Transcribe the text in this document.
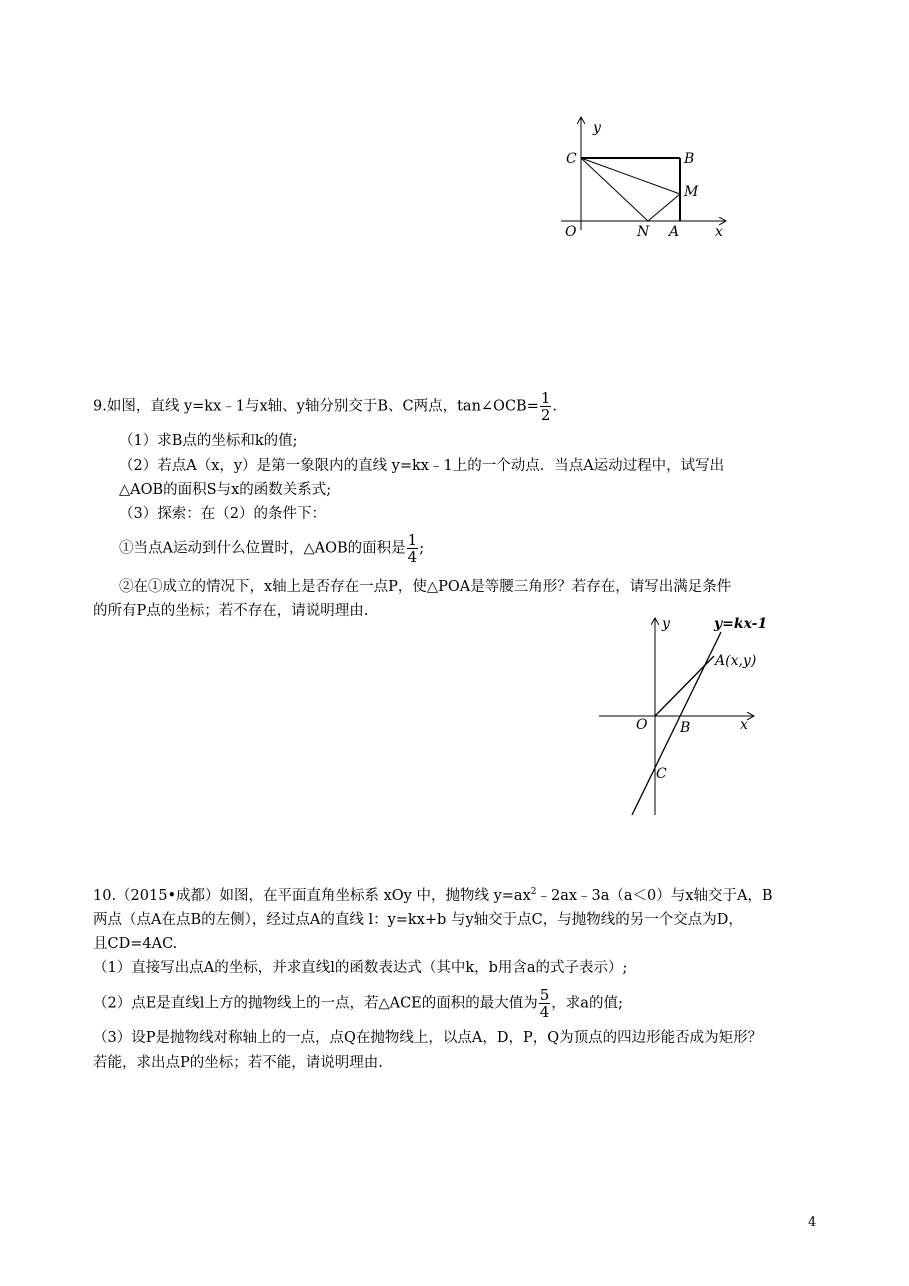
y
C	B
M
O	N A	x
9.如图，直线 y=kx﹣1与x轴、y轴分别交于B、C两点，tan∠OCB= $\frac{1}{2}$ .
（1）求B点的坐标和k的值;
（2）若点A（x，y）是第一象限内的直线 y=kx﹣1上的一个动点．当点A运动过程中，试写出
△AOB的面积S与x的函数关系式;
（3）探索：在（2）的条件下：
①当点A运动到什么位置时，△AOB的面积是 $\frac{1}{4}$ ;
②在①成立的情况下，x轴上是否存在一点P，使△POA是等腰三角形？若存在，请写出满足条件
的所有P点的坐标；若不存在，请说明理由.
y	y=kx-1
A(x,y)
O B	x
C
10.（2015•成都）如图，在平面直角坐标系 xOy 中，抛物线 $y=ax^2﹣2ax﹣3a(a<0)$与x轴交于A，B
两点（点A在点B的左侧），经过点A的直线 l：y=kx+b 与y轴交于点C，与抛物线的另一个交点为D，
且CD=4AC.
（1）直接写出点A的坐标，并求直线l的函数表达式（其中k，b用含a的式子表示）;
（2）点E是直线l上方的抛物线上的一点，若△ACE的面积的最大值为 $\frac{5}{4}$ ，求a的值;
（3）设P是抛物线对称轴上的一点，点Q在抛物线上，以点A，D，P，Q为顶点的四边形能否成为矩形？
若能，求出点P的坐标；若不能，请说明理由.
4
